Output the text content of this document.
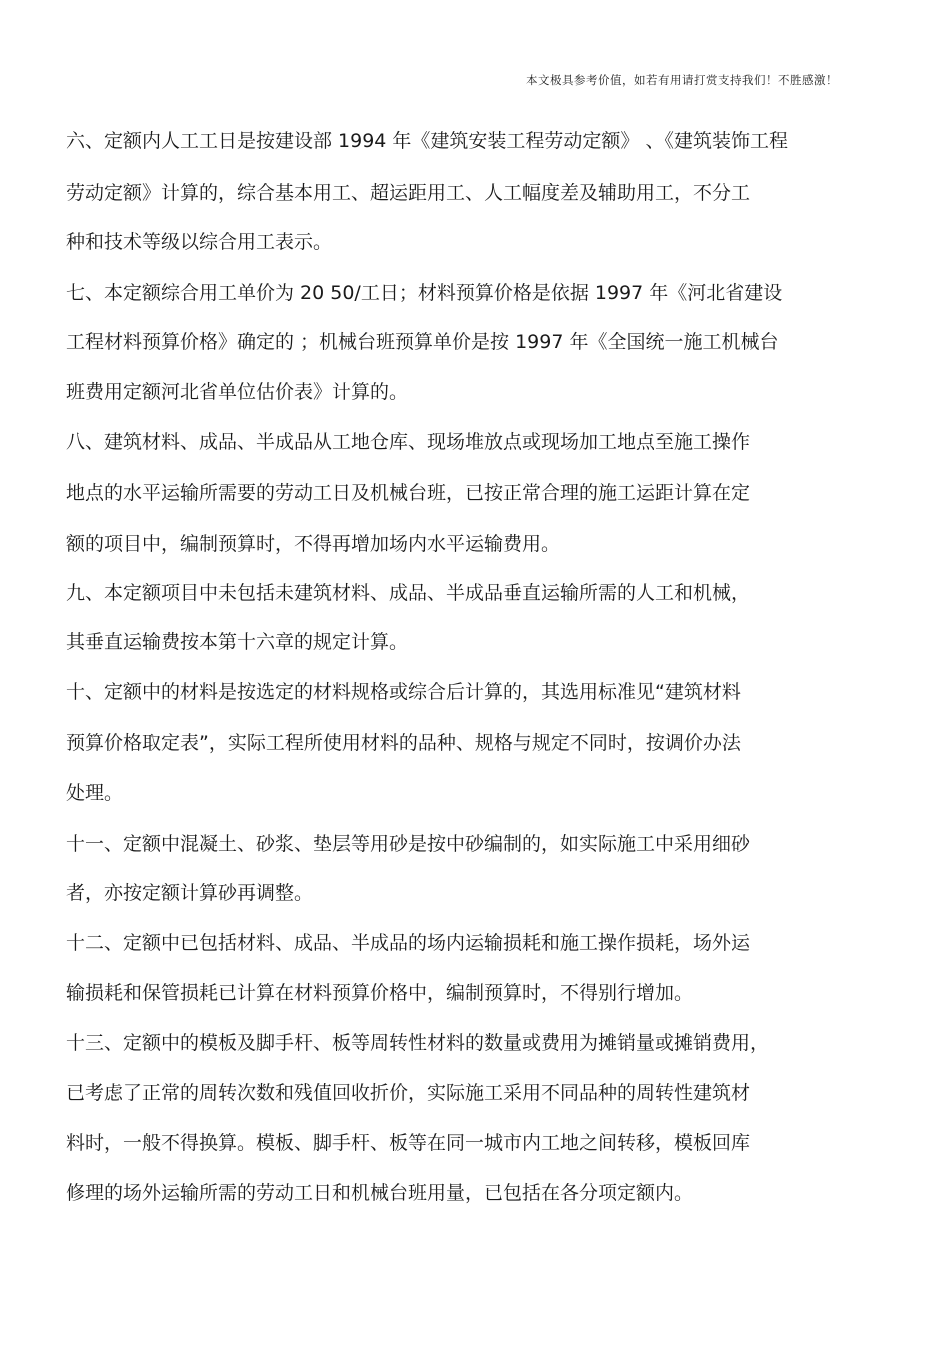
本文极具参考价值，如若有用请打赏支持我们！不胜感激！
六、定额内人工工日是按建设部 1994 年《建筑安装工程劳动定额》 、《建筑装饰工程
劳动定额》计算的，综合基本用工、超运距用工、人工幅度差及辅助用工，不分工
种和技术等级以综合用工表示。
七、本定额综合用工单价为 20 50/工日；材料预算价格是依据 1997 年《河北省建设
工程材料预算价格》确定的 ；机械台班预算单价是按 1997 年《全国统一施工机械台
班费用定额河北省单位估价表》计算的。
八、建筑材料、成品、半成品从工地仓库、现场堆放点或现场加工地点至施工操作
地点的水平运输所需要的劳动工日及机械台班，已按正常合理的施工运距计算在定
额的项目中，编制预算时，不得再增加场内水平运输费用。
九、本定额项目中未包括未建筑材料、成品、半成品垂直运输所需的人工和机械，
其垂直运输费按本第十六章的规定计算。
十、定额中的材料是按选定的材料规格或综合后计算的，其选用标准见“建筑材料
预算价格取定表”，实际工程所使用材料的品种、规格与规定不同时，按调价办法
处理。
十一、定额中混凝土、砂浆、垫层等用砂是按中砂编制的，如实际施工中采用细砂
者，亦按定额计算砂再调整。
十二、定额中已包括材料、成品、半成品的场内运输损耗和施工操作损耗，场外运
输损耗和保管损耗已计算在材料预算价格中，编制预算时，不得别行增加。
十三、定额中的模板及脚手杆、板等周转性材料的数量或费用为摊销量或摊销费用，
已考虑了正常的周转次数和残值回收折价，实际施工采用不同品种的周转性建筑材
料时，一般不得换算。模板、脚手杆、板等在同一城市内工地之间转移，模板回库
修理的场外运输所需的劳动工日和机械台班用量，已包括在各分项定额内。
